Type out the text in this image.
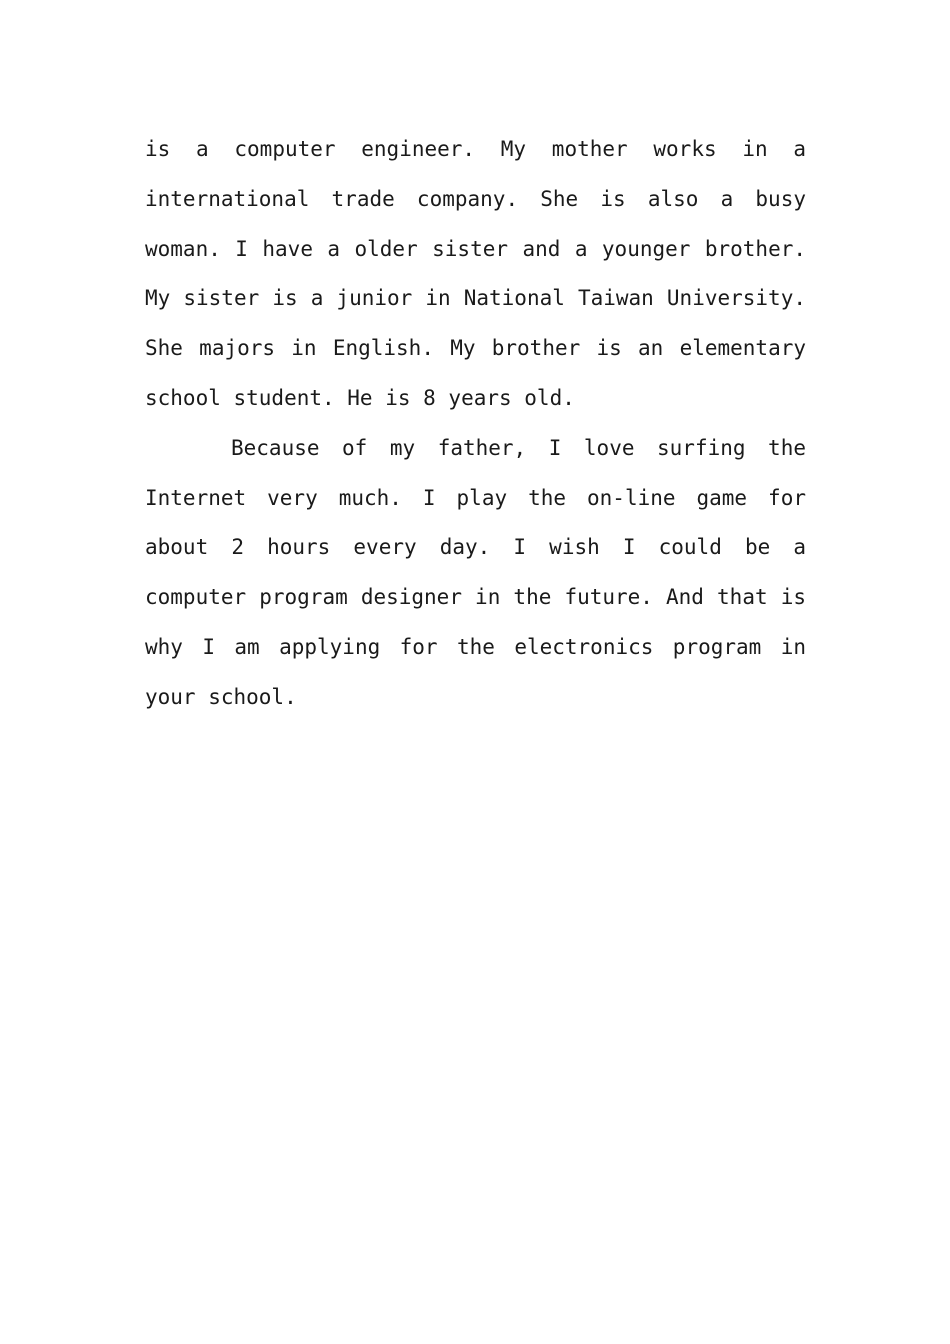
is a computer engineer. My mother works in a international trade company. She is also a busy woman. I have a older sister and a younger brother. My sister is a junior in National Taiwan University. She majors in English. My brother is an elementary school student. He is 8 years old.

Because of my father, I love surfing the Internet very much. I play the on-line game for about 2 hours every day. I wish I could be a computer program designer in the future. And that is why I am applying for the electronics program in your school.
